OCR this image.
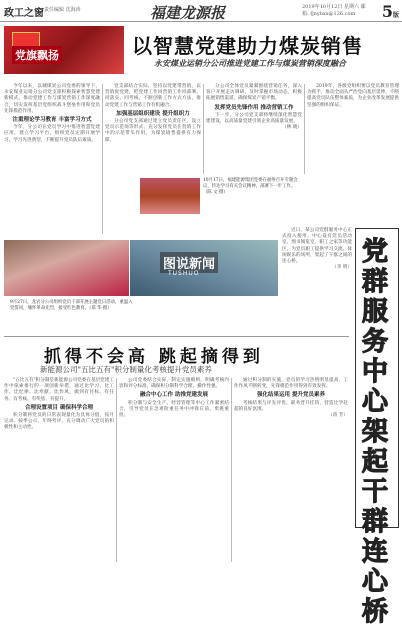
政工之窗 责任编辑 沈海涛	福建龙源报	2019年10月12日 星期六 邮箱: fjnybxx@126.com	5版
党旗飘扬	以智慧党建助力煤炭销售
永安煤业运销分公司推进党建工作与煤炭营销深度融合

今年以来，以城煤炭公司党委的领导下，永安煤业运销分公司党支部积极探索智慧党建新模式，推动党建工作与煤炭营销工作深度融合，切实发挥基层党组织战斗堡垒作用和党员先锋模范作用。

注重理论学习教育 丰富学习方式

今年，分公司在党员学习中推进智慧党建应用，建立学习平台，组织党员定期开展学习，学习先进典型，不断提升党员队伍素质。

党支部结合实际，坚持以党建带营销，以营销促党建，把党建工作同营销工作同部署、同落实、同考核，不断创新工作方式方法，推动党建工作与营销工作有机融合。

加强基层组织建设 提升组织力

分公司党支部通过建立党员责任区，设立党员示范岗等形式，充分发挥党员在营销工作中的示范带头作用，为煤炭销售提供有力保障。

分公司全体党员紧紧围绕营销任务，深入客户开展走访调研，及时掌握市场动态，积极拓展销售渠道，确保煤炭产销平衡。

发挥党员先锋作用 推动营销工作

下一步，分公司党支部将继续深化智慧党建建设，以高质量党建引领企业高质量发展。

（林 晓）

2019年，各级党组织要以党员教育管理为抓手，推动全面从严治党向基层延伸，不断提高党员队伍整体素质，为企业改革发展提供坚强的组织保证。

10月17日，福建能源集团党委在福州召开专题会议，传达学习有关会议精神，部署下一步工作。（陈 文 摄）
图说新闻
TUSHUO
9月27日，龙岩分公司组织党员干部开展主题党日活动，重温入党誓词，缅怀革命先烈，接受红色教育。（郑 华 摄）
抓得不会高 跳起摘得到
新能源公司"五比五有"积分制量化考核提升党员素养

"五比五有"积分制是新能源公司党委在基层党建工作中探索推行的一项创新举措，通过比学习、比工作、比纪律、比奉献、比作风，做到有目标、有任务、有考核、有奖惩、有提升。

合理设置项目 确保科学合理

积分制将党员的日常表现量化为具体分值，按月记录、按季公示、年终考评，充分调动广大党员的积极性和主动性。

公司党委结合实际，制定实施细则，明确考核内容和评分标准，确保积分制科学合理、操作性强。

融合中心工作 助推党建发展

积分制与安全生产、经营管理等中心工作紧密结合，引导党员在急难险重任务中冲锋在前、勇挑重担。

通过积分制的实施，党员的学习热情明显提高，工作作风不断转变，先锋模范作用得到有效发挥。

强化结果运用 提升党员素养

考核结果与评先评优、职务晋升挂钩，营造比学赶超的良好氛围。

（蒋 芳）

近日，某公司党群服务中心正式投入使用。中心设有党员活动室、图书阅览室、职工之家等功能区，为党员职工提供学习交流、休闲娱乐的场所，架起了干群之间的连心桥。

（李 明）

党群服务中心架起干群连心桥
